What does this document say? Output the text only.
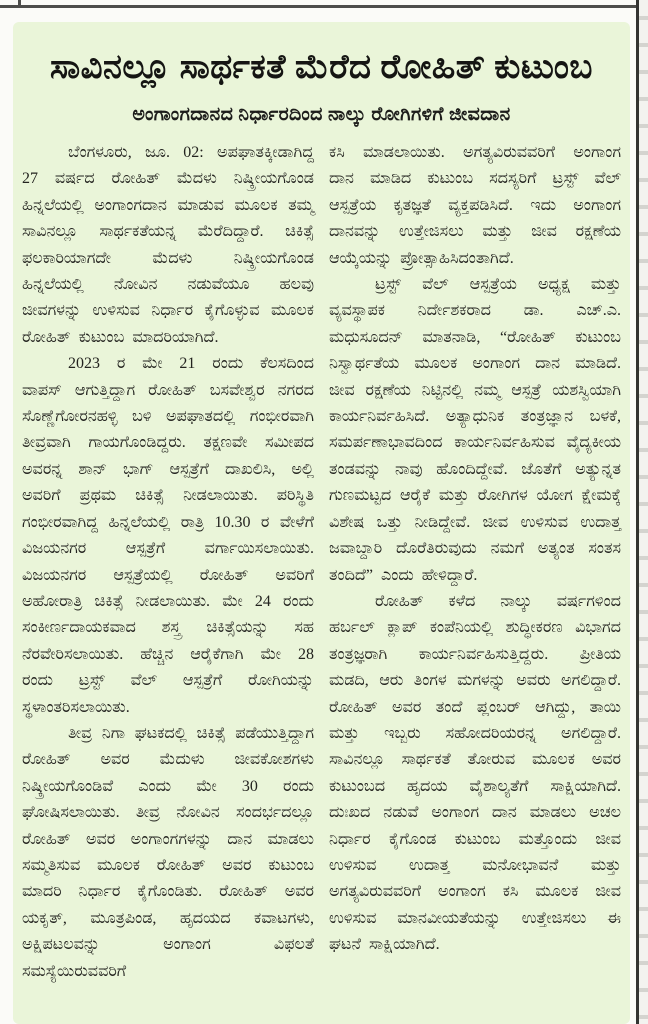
ಸಾವಿನಲ್ಲೂ ಸಾರ್ಥಕತೆ ಮೆರೆದ ರೋಹಿತ್ ಕುಟುಂಬ
ಅಂಗಾಂಗದಾನದ ನಿರ್ಧಾರದಿಂದ ನಾಲ್ಕು ರೋಗಿಗಳಿಗೆ ಜೀವದಾನ

ಬೆಂಗಳೂರು, ಜೂ. 02: ಅಪಘಾತಕ್ಕೀಡಾಗಿದ್ದ 27 ವರ್ಷದ ರೋಹಿತ್ ಮೆದಳು ನಿಷ್ಕ್ರೀಯಗೊಂಡ ಹಿನ್ನಲೆಯಲ್ಲಿ ಅಂಗಾಂಗದಾನ ಮಾಡುವ ಮೂಲಕ ತಮ್ಮ ಸಾವಿನಲ್ಲೂ ಸಾರ್ಥಕತೆಯನ್ನ ಮೆರೆದಿದ್ದಾರೆ. ಚಿಕಿತ್ಸೆ ಫಲಕಾರಿಯಾಗದೇ ಮೆದಳು ನಿಷ್ಕ್ರೀಯಗೊಂಡ ಹಿನ್ನಲೆಯಲ್ಲಿ ನೋವಿನ ನಡುವೆಯೂ ಹಲವು ಜೀವಗಳನ್ನು ಉಳಿಸುವ ನಿರ್ಧಾರ ಕೈಗೊಳ್ಳುವ ಮೂಲಕ ರೋಹಿತ್ ಕುಟುಂಬ ಮಾದರಿಯಾಗಿದೆ.

2023 ರ ಮೇ 21 ರಂದು ಕೆಲಸದಿಂದ ವಾಪಸ್ ಆಗುತ್ತಿದ್ದಾಗ ರೋಹಿತ್ ಬಸವೇಶ್ವರ ನಗರದ ಸೊಣ್ಣೆಗೋರನಹಳ್ಳಿ ಬಳಿ ಅಪಘಾತದಲ್ಲಿ ಗಂಭೀರವಾಗಿ ತೀವ್ರವಾಗಿ ಗಾಯಗೊಂಡಿದ್ದರು. ತಕ್ಷಣವೇ ಸಮೀಪದ ಅವರನ್ನ ಶಾನ್ ಭಾಗ್ ಆಸ್ಪತ್ರೆಗೆ ದಾಖಲಿಸಿ, ಅಲ್ಲಿ ಅವರಿಗೆ ಪ್ರಥಮ ಚಿಕಿತ್ಸೆ ನೀಡಲಾಯಿತು. ಪರಿಸ್ಥಿತಿ ಗಂಭೀರವಾಗಿದ್ದ ಹಿನ್ನಲೆಯಲ್ಲಿ ರಾತ್ರಿ 10.30 ರ ವೇಳೆಗೆ ವಿಜಯನಗರ ಆಸ್ಪತ್ರೆಗೆ ವರ್ಗಾಯಿಸಲಾಯಿತು. ವಿಜಯನಗರ ಆಸ್ಪತ್ರೆಯಲ್ಲಿ ರೋಹಿತ್ ಅವರಿಗೆ ಅಹೋರಾತ್ರಿ ಚಿಕಿತ್ಸೆ ನೀಡಲಾಯಿತು. ಮೇ 24 ರಂದು ಸಂಕೀರ್ಣದಾಯಕವಾದ ಶಸ್ತ್ರ ಚಿಕಿತ್ಸೆಯನ್ನು ಸಹ ನೆರವೇರಿಸಲಾಯಿತು. ಹೆಚ್ಚಿನ ಆರೈಕೆಗಾಗಿ ಮೇ 28 ರಂದು ಟ್ರಸ್ಟ್ ವೆಲ್ ಆಸ್ಪತ್ರೆಗೆ ರೋಗಿಯನ್ನು ಸ್ಥಳಾಂತರಿಸಲಾಯಿತು.

ತೀವ್ರ ನಿಗಾ ಘಟಕದಲ್ಲಿ ಚಿಕಿತ್ಸೆ ಪಡೆಯುತ್ತಿದ್ದಾಗ ರೋಹಿತ್ ಅವರ ಮೆದುಳು ಜೀವಕೋಶಗಳು ನಿಷ್ಕ್ರೀಯಗೊಂಡಿವೆ ಎಂದು ಮೇ 30 ರಂದು ಘೋಷಿಸಲಾಯಿತು. ತೀವ್ರ ನೋವಿನ ಸಂದರ್ಭದಲ್ಲೂ ರೋಹಿತ್ ಅವರ ಅಂಗಾಂಗಗಳನ್ನು ದಾನ ಮಾಡಲು ಸಮ್ಮತಿಸುವ ಮೂಲಕ ರೋಹಿತ್ ಅವರ ಕುಟುಂಬ ಮಾದರಿ ನಿರ್ಧಾರ ಕೈಗೊಂಡಿತು. ರೋಹಿತ್ ಅವರ ಯಕೃತ್, ಮೂತ್ರಪಿಂಡ, ಹೃದಯದ ಕವಾಟಗಳು, ಅಕ್ಷಿಪಟಲವನ್ನು ಅಂಗಾಂಗ ವಿಫಲತೆ ಸಮಸ್ಯೆಯಿರುವವರಿಗೆ

ಕಸಿ ಮಾಡಲಾಯಿತು. ಅಗತ್ಯವಿರುವವರಿಗೆ ಅಂಗಾಂಗ ದಾನ ಮಾಡಿದ ಕುಟುಂಬ ಸದಸ್ಯರಿಗೆ ಟ್ರಸ್ಟ್ ವೆಲ್ ಆಸ್ಪತ್ರೆಯ ಕೃತಜ್ಞತೆ ವ್ಯಕ್ತಪಡಿಸಿದೆ. ಇದು ಅಂಗಾಂಗ ದಾನವನ್ನು ಉತ್ತೇಜಿಸಲು ಮತ್ತು ಜೀವ ರಕ್ಷಣೆಯ ಆಯ್ಕೆಯನ್ನು ಪ್ರೋತ್ಸಾಹಿಸಿದಂತಾಗಿದೆ.

ಟ್ರಸ್ಟ್ ವೆಲ್ ಆಸ್ಪತ್ರೆಯ ಅಧ್ಯಕ್ಷ ಮತ್ತು ವ್ಯವಸ್ಥಾಪಕ ನಿರ್ದೇಶಕರಾದ ಡಾ. ಎಚ್.ಎ. ಮಧುಸೂದನ್ ಮಾತನಾಡಿ, “ರೋಹಿತ್ ಕುಟುಂಬ ನಿಸ್ವಾರ್ಥತೆಯ ಮೂಲಕ ಅಂಗಾಂಗ ದಾನ ಮಾಡಿದೆ. ಜೀವ ರಕ್ಷಣೆಯ ನಿಟ್ಟಿನಲ್ಲಿ ನಮ್ಮ ಆಸ್ಪತ್ರೆ ಯಶಸ್ವಿಯಾಗಿ ಕಾರ್ಯನಿರ್ವಹಿಸಿದೆ. ಅತ್ಯಾಧುನಿಕ ತಂತ್ರಜ್ಞಾನ ಬಳಕೆ, ಸಮರ್ಪಣಾಭಾವದಿಂದ ಕಾರ್ಯನಿರ್ವಹಿಸುವ ವೈದ್ಯಕೀಯ ತಂಡವನ್ನು ನಾವು ಹೊಂದಿದ್ದೇವೆ. ಜೊತೆಗೆ ಅತ್ಯುನ್ನತ ಗುಣಮಟ್ಟದ ಆರೈಕೆ ಮತ್ತು ರೋಗಿಗಳ ಯೋಗ ಕ್ಷೇಮಕ್ಕೆ ವಿಶೇಷ ಒತ್ತು ನೀಡಿದ್ದೇವೆ. ಜೀವ ಉಳಿಸುವ ಉದಾತ್ತ ಜವಾಬ್ದಾರಿ ದೊರೆತಿರುವುದು ನಮಗೆ ಅತ್ಯಂತ ಸಂತಸ ತಂದಿದೆ” ಎಂದು ಹೇಳಿದ್ದಾರೆ.

ರೋಹಿತ್ ಕಳೆದ ನಾಲ್ಕು ವರ್ಷಗಳಿಂದ ಹರ್ಬಲ್ ಕ್ಲಾಪ್ ಕಂಪೆನಿಯಲ್ಲಿ ಶುದ್ಧೀಕರಣ ವಿಭಾಗದ ತಂತ್ರಜ್ಞರಾಗಿ ಕಾರ್ಯನಿರ್ವಹಿಸುತ್ತಿದ್ದರು. ಪ್ರೀತಿಯ ಮಡದಿ, ಆರು ತಿಂಗಳ ಮಗಳನ್ನು ಅವರು ಅಗಲಿದ್ದಾರೆ. ರೋಹಿತ್ ಅವರ ತಂದೆ ಪ್ಲಂಬರ್ ಆಗಿದ್ದು, ತಾಯಿ ಮತ್ತು ಇಬ್ಬರು ಸಹೋದರಿಯರನ್ನ ಅಗಲಿದ್ದಾರೆ. ಸಾವಿನಲ್ಲೂ ಸಾರ್ಥಕತೆ ತೋರುವ ಮೂಲಕ ಅವರ ಕುಟುಂಬದ ಹೃದಯ ವೈಶಾಲ್ಯತೆಗೆ ಸಾಕ್ಷಿಯಾಗಿದೆ. ದುಃಖದ ನಡುವೆ ಅಂಗಾಂಗ ದಾನ ಮಾಡಲು ಅಚಲ ನಿರ್ಧಾರ ಕೈಗೊಂಡ ಕುಟುಂಬ ಮತ್ತೊಂದು ಜೀವ ಉಳಿಸುವ ಉದಾತ್ತ ಮನೋಭಾವನೆ ಮತ್ತು ಅಗತ್ಯವಿರುವವರಿಗೆ ಅಂಗಾಂಗ ಕಸಿ ಮೂಲಕ ಜೀವ ಉಳಿಸುವ ಮಾನವೀಯತೆಯನ್ನು ಉತ್ತೇಜಿಸಲು ಈ ಘಟನೆ ಸಾಕ್ಷಿಯಾಗಿದೆ.
